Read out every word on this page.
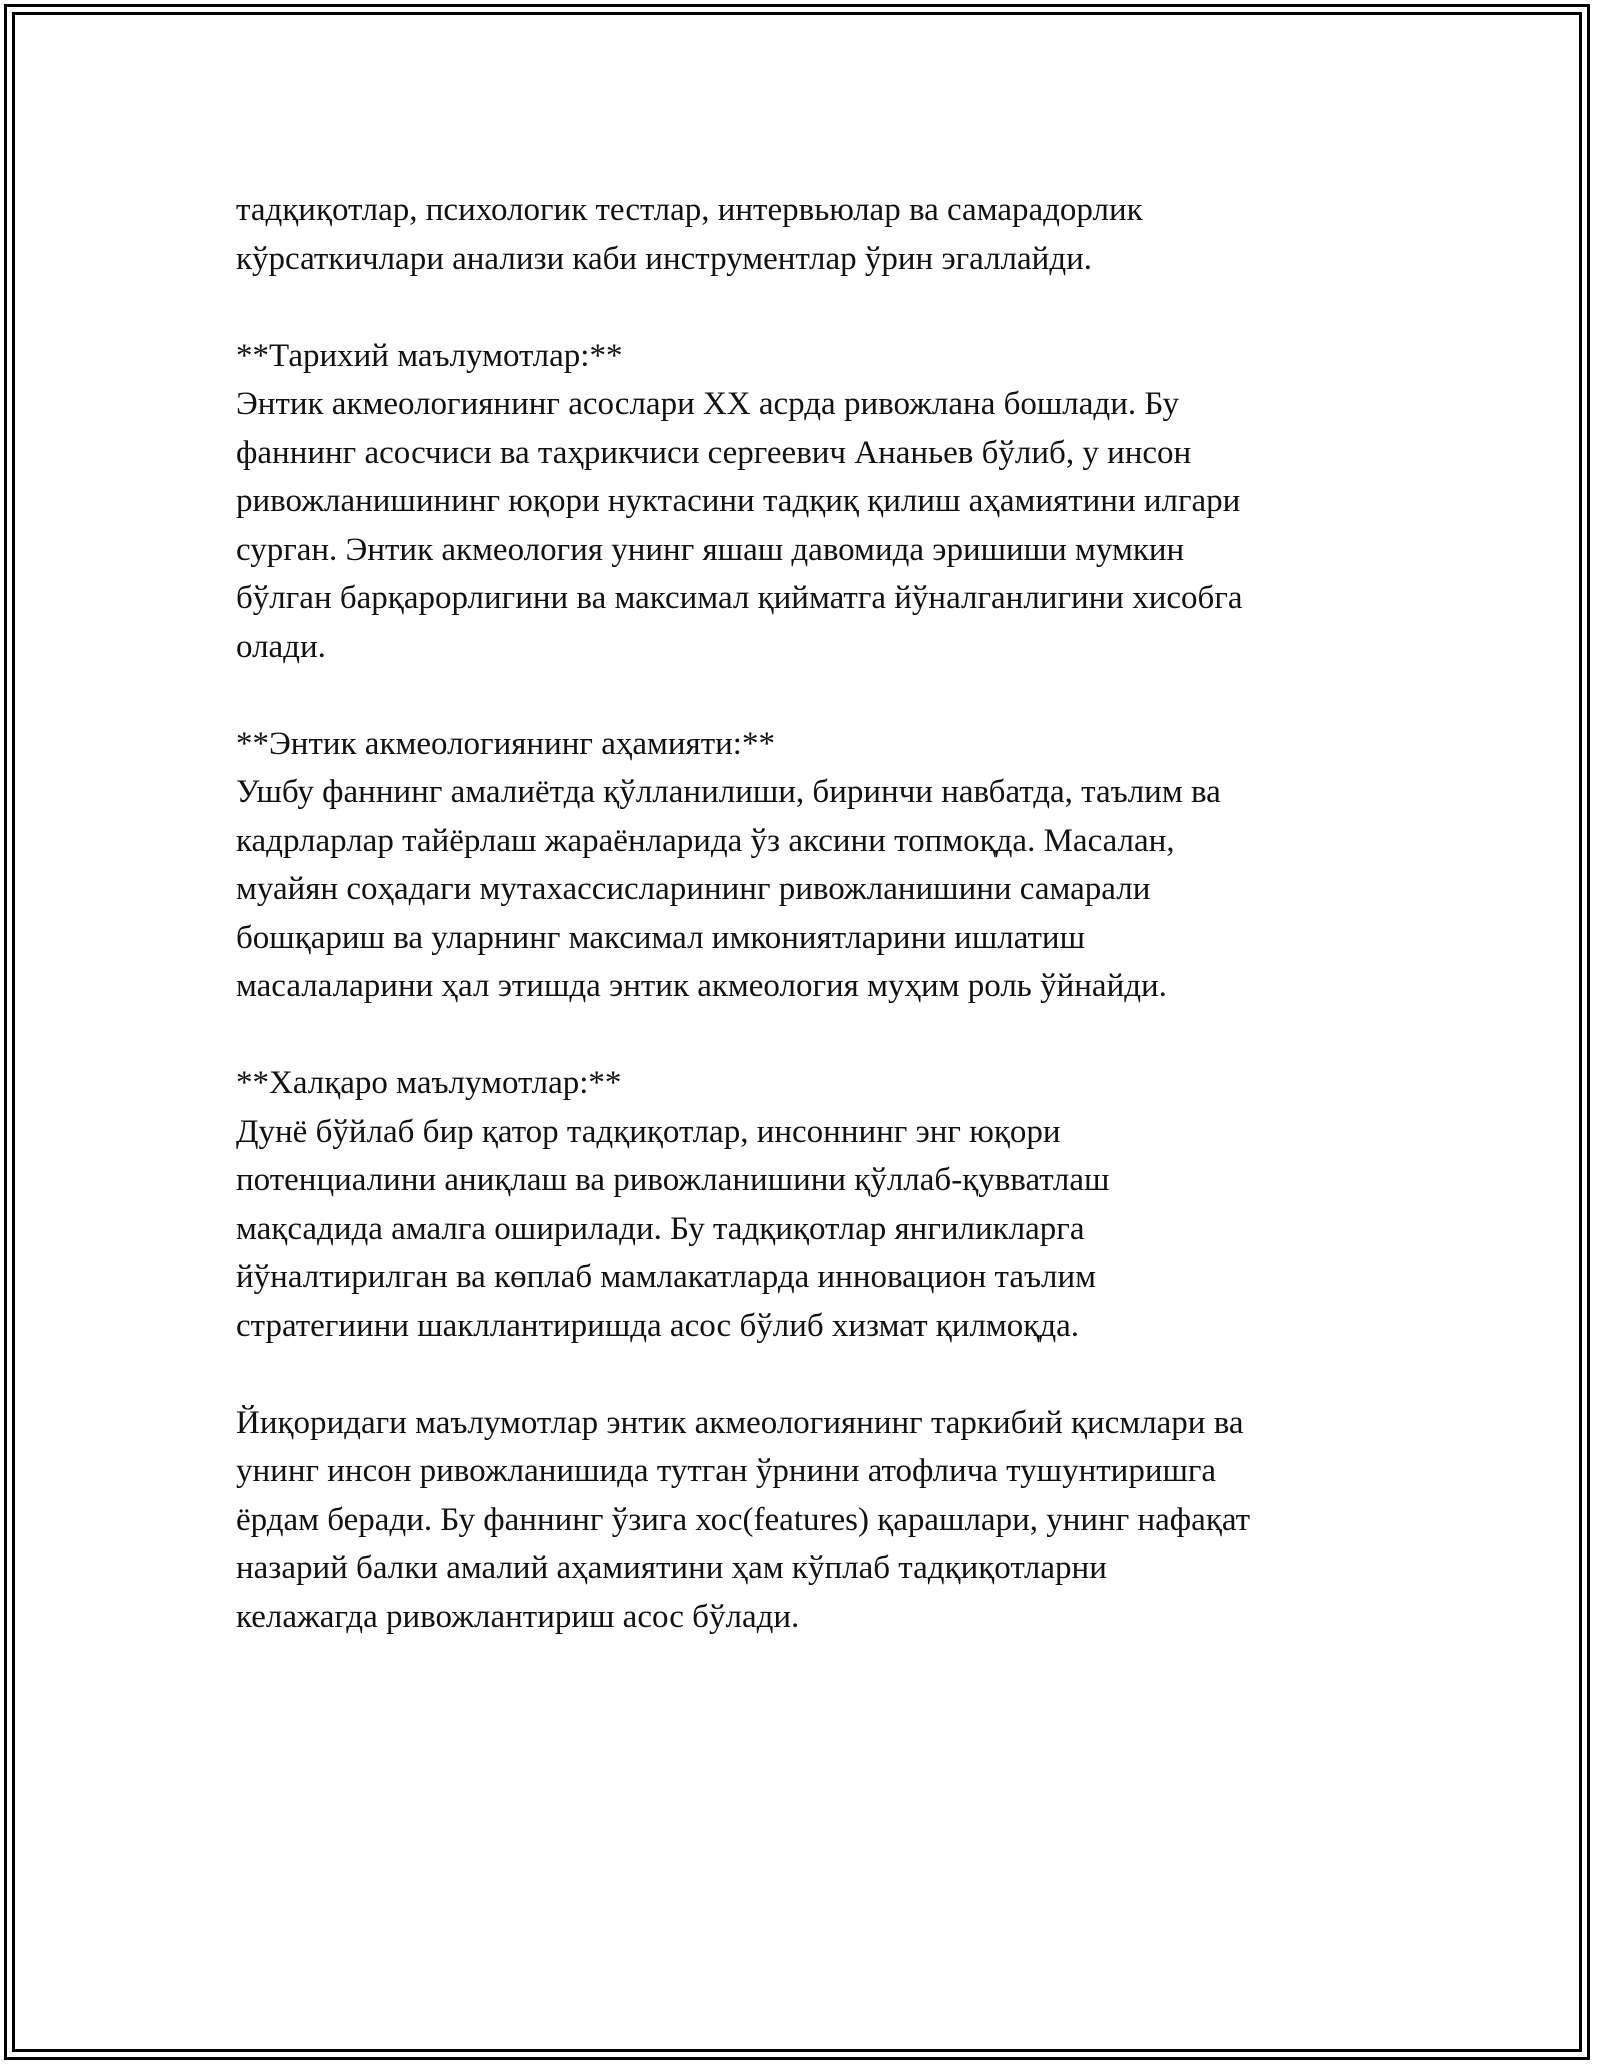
тадқиқотлар, психологик тестлар, интервьюлар ва самарадорлик
кўрсаткичлари анализи каби инструментлар ўрин эгаллайди.
**Тарихий маълумотлар:**
Энтик акмеологиянинг асослари XX асрда ривожлана бошлади. Бу
фаннинг асосчиси ва таҳрикчиси сергеевич Ананьев бўлиб, у инсон
ривожланишининг юқори нуктасини тадқиқ қилиш аҳамиятини илгари
сурган. Энтик акмеология унинг яшаш давомида эришиши мумкин
бўлган барқарорлигини ва максимал қийматга йўналганлигини хисобга
олади.
**Энтик акмеологиянинг аҳамияти:**
Ушбу фаннинг амалиётда қўлланилиши, биринчи навбатда, таълим ва
кадрларлар тайёрлаш жараёнларида ўз аксини топмоқда. Масалан,
муайян соҳадаги мутахассисларининг ривожланишини самарали
бошқариш ва уларнинг максимал имкониятларини ишлатиш
масалаларини ҳал этишда энтик акмеология муҳим роль ўйнайди.
**Халқаро маълумотлар:**
Дунё бўйлаб бир қатор тадқиқотлар, инсоннинг энг юқори
потенциалини аниқлаш ва ривожланишини қўллаб-қувватлаш
мақсадида амалга оширилади. Бу тадқиқотлар янгиликларга
йўналтирилган ва көплаб мамлакатларда инновацион таълим
стратегиини шакллантиришда асос бўлиб хизмат қилмоқда.
Йиқоридаги маълумотлар энтик акмеологиянинг таркибий қисмлари ва
унинг инсон ривожланишида тутган ўрнини атофлича тушунтиришга
ёрдам беради. Бу фаннинг ўзига хос(features) қарашлари, унинг нафақат
назарий балки амалий аҳамиятини ҳам кўплаб тадқиқотларни
келажагда ривожлантириш асос бўлади.
